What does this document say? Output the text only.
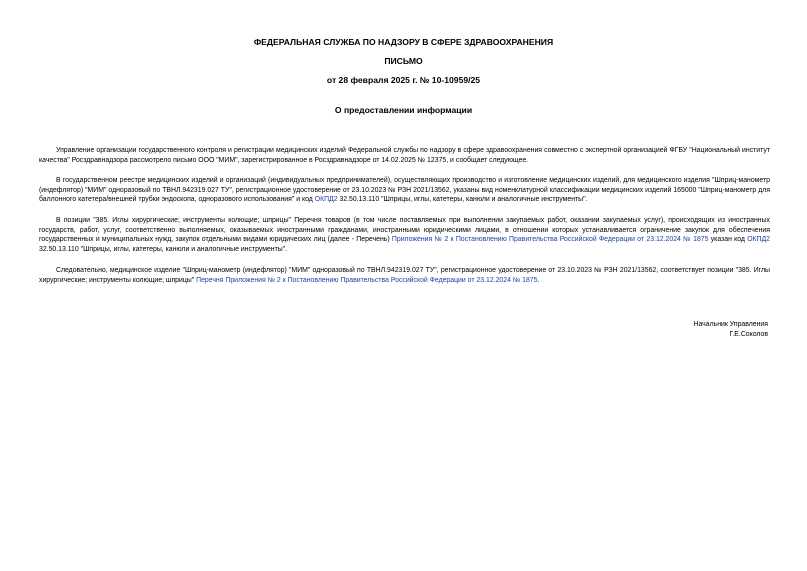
ФЕДЕРАЛЬНАЯ СЛУЖБА ПО НАДЗОРУ В СФЕРЕ ЗДРАВООХРАНЕНИЯ
ПИСЬМО
от 28 февраля 2025 г. № 10-10959/25
О предоставлении информации
Управление организации государственного контроля и регистрации медицинских изделий Федеральной службы по надзору в сфере здравоохранения совместно с экспертной организацией ФГБУ "Национальный институт качества" Росздравнадзора рассмотрело письмо ООО "МИМ", зарегистрированное в Росздравнадзоре от 14.02.2025 № 12375, и сообщает следующее.
В государственном реестре медицинских изделий и организаций (индивидуальных предпринимателей), осуществляющих производство и изготовление медицинских изделий, для медицинского изделия "Шприц-манометр (индефлятор) "МИМ" одноразовый по ТВНЛ.942319.027 ТУ", регистрационное удостоверение от 23.10.2023 № РЗН 2021/13562, указаны вид номенклатурной классификации медицинских изделий 165000 "Шприц-манометр для баллонного катетера/внешней трубки эндоскопа, одноразового использования" и код ОКПД2 32.50.13.110 "Шприцы, иглы, катетеры, канюли и аналогичные инструменты".
В позиции "385. Иглы хирургические; инструменты колющие; шприцы" Перечня товаров (в том числе поставляемых при выполнении закупаемых работ, оказании закупаемых услуг), происходящих из иностранных государств, работ, услуг, соответственно выполняемых, оказываемых иностранными гражданами, иностранными юридическими лицами, в отношении которых устанавливается ограничение закупок для обеспечения государственных и муниципальных нужд, закупок отдельными видами юридических лиц (далее - Перечень) Приложения № 2 к Постановлению Правительства Российской Федерации от 23.12.2024 № 1875 указан код ОКПД2 32.50.13.110 "Шприцы, иглы, катетеры, канюли и аналогичные инструменты".
Следовательно, медицинское изделие "Шприц-манометр (индефлятор) "МИМ" одноразовый по ТВНЛ.942319.027 ТУ", регистрационное удостоверение от 23.10.2023 № РЗН 2021/13562, соответствует позиции "385. Иглы хирургические; инструменты колющие; шприцы" Перечня Приложения № 2 к Постановлению Правительства Российской Федерации от 23.12.2024 № 1875.
Начальник Управления
Г.Е.Соколов
